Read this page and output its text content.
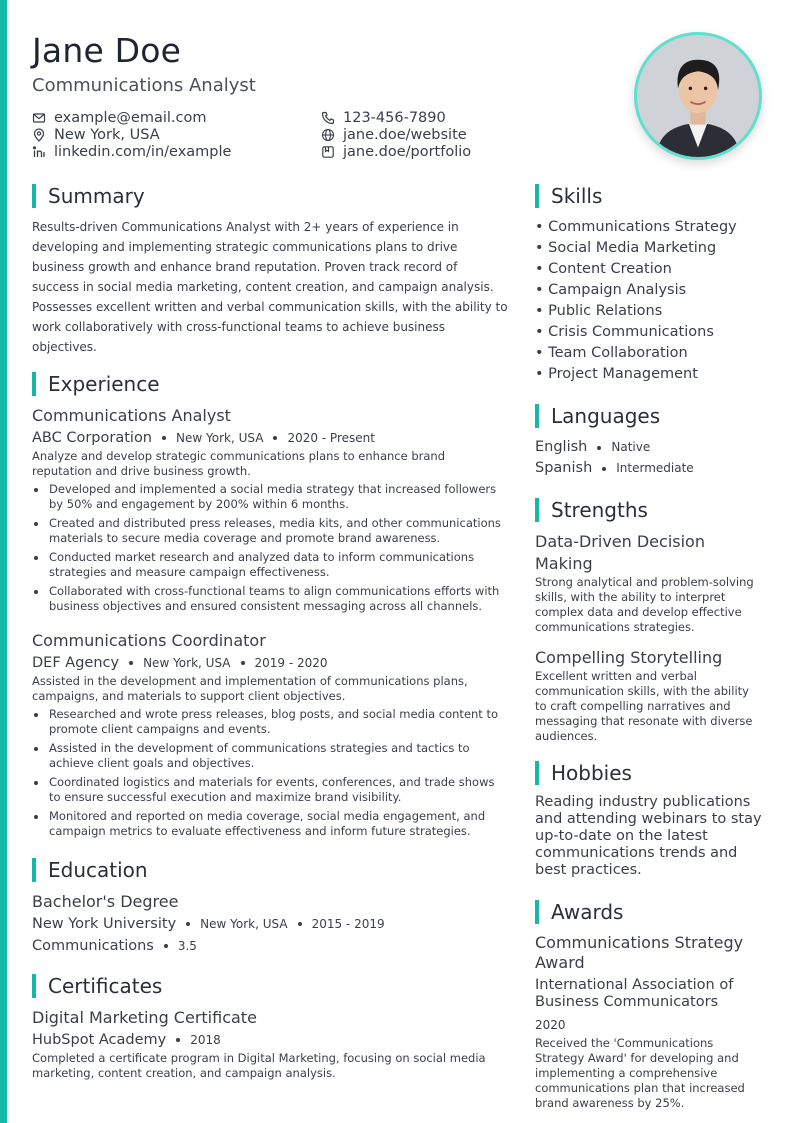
Jane Doe
Communications Analyst
example@email.com	123-456-7890
New York, USA	jane.doe/website
linkedin.com/in/example	jane.doe/portfolio
Summary

Results-driven Communications Analyst with 2+ years of experience in developing and implementing strategic communications plans to drive business growth and enhance brand reputation. Proven track record of success in social media marketing, content creation, and campaign analysis. Possesses excellent written and verbal communication skills, with the ability to work collaboratively with cross-functional teams to achieve business objectives.

Experience
Communications Analyst
ABC Corporation New York, USA 2020 - Present

Analyze and develop strategic communications plans to enhance brand reputation and drive business growth.

Developed and implemented a social media strategy that increased followers by 50% and engagement by 200% within 6 months.
Created and distributed press releases, media kits, and other communications materials to secure media coverage and promote brand awareness.
Conducted market research and analyzed data to inform communications strategies and measure campaign effectiveness.
Collaborated with cross-functional teams to align communications efforts with business objectives and ensured consistent messaging across all channels.
Communications Coordinator
DEF Agency New York, USA 2019 - 2020

Assisted in the development and implementation of communications plans, campaigns, and materials to support client objectives.

Researched and wrote press releases, blog posts, and social media content to promote client campaigns and events.
Assisted in the development of communications strategies and tactics to achieve client goals and objectives.
Coordinated logistics and materials for events, conferences, and trade shows to ensure successful execution and maximize brand visibility.
Monitored and reported on media coverage, social media engagement, and campaign metrics to evaluate effectiveness and inform future strategies.
Education
Bachelor's Degree
New York University New York, USA 2015 - 2019
Communications 3.5
Certificates
Digital Marketing Certificate
HubSpot Academy 2018

Completed a certificate program in Digital Marketing, focusing on social media marketing, content creation, and campaign analysis.

Skills
• Communications Strategy
• Social Media Marketing
• Content Creation
• Campaign Analysis
• Public Relations
• Crisis Communications
• Team Collaboration
• Project Management
Languages
English Native
Spanish Intermediate
Strengths
Data-Driven Decision Making

Strong analytical and problem-solving skills, with the ability to interpret complex data and develop effective communications strategies.

Compelling Storytelling

Excellent written and verbal communication skills, with the ability to craft compelling narratives and messaging that resonate with diverse audiences.

Hobbies

Reading industry publications and attending webinars to stay up-to-date on the latest communications trends and best practices.

Awards
Communications Strategy Award
International Association of Business Communicators
2020

Received the 'Communications Strategy Award' for developing and implementing a comprehensive communications plan that increased brand awareness by 25%.
